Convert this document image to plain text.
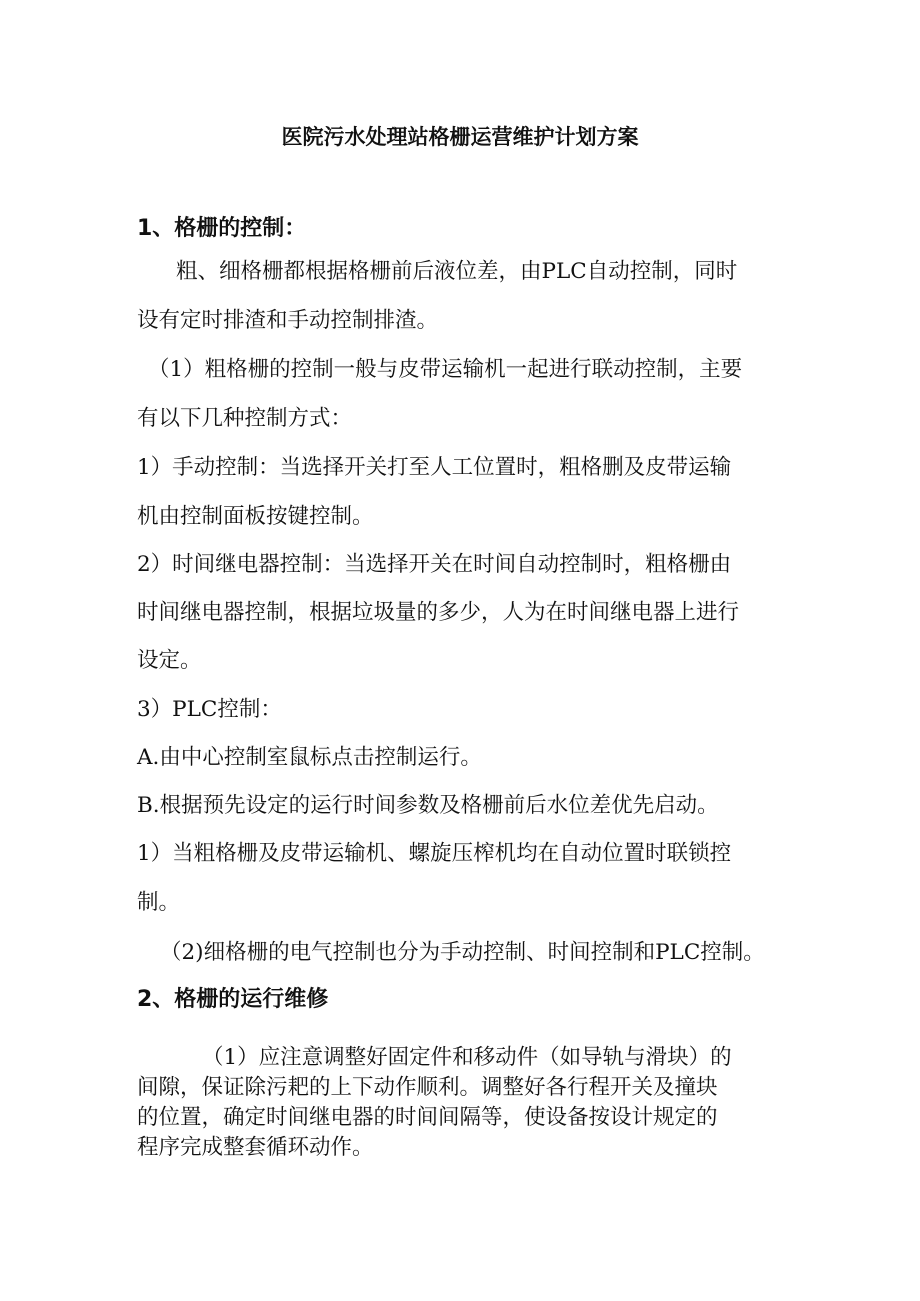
医院污水处理站格栅运营维护计划方案
1、格栅的控制：
粗、细格栅都根据格栅前后液位差，由PLC自动控制，同时
设有定时排渣和手动控制排渣。
（1）粗格栅的控制一般与皮带运输机一起进行联动控制，主要
有以下几种控制方式：
1）手动控制：当选择开关打至人工位置时，粗格删及皮带运输
机由控制面板按键控制。
2）时间继电器控制：当选择开关在时间自动控制时，粗格栅由
时间继电器控制，根据垃圾量的多少，人为在时间继电器上进行
设定。
3）PLC控制：
A.由中心控制室鼠标点击控制运行。
B.根据预先设定的运行时间参数及格栅前后水位差优先启动。
1）当粗格栅及皮带运输机、螺旋压榨机均在自动位置时联锁控
制。
（2)细格栅的电气控制也分为手动控制、时间控制和PLC控制。
2、格栅的运行维修
（1）应注意调整好固定件和移动件（如导轨与滑块）的
间隙，保证除污耙的上下动作顺利。调整好各行程开关及撞块
的位置，确定时间继电器的时间间隔等，使设备按设计规定的
程序完成整套循环动作。
